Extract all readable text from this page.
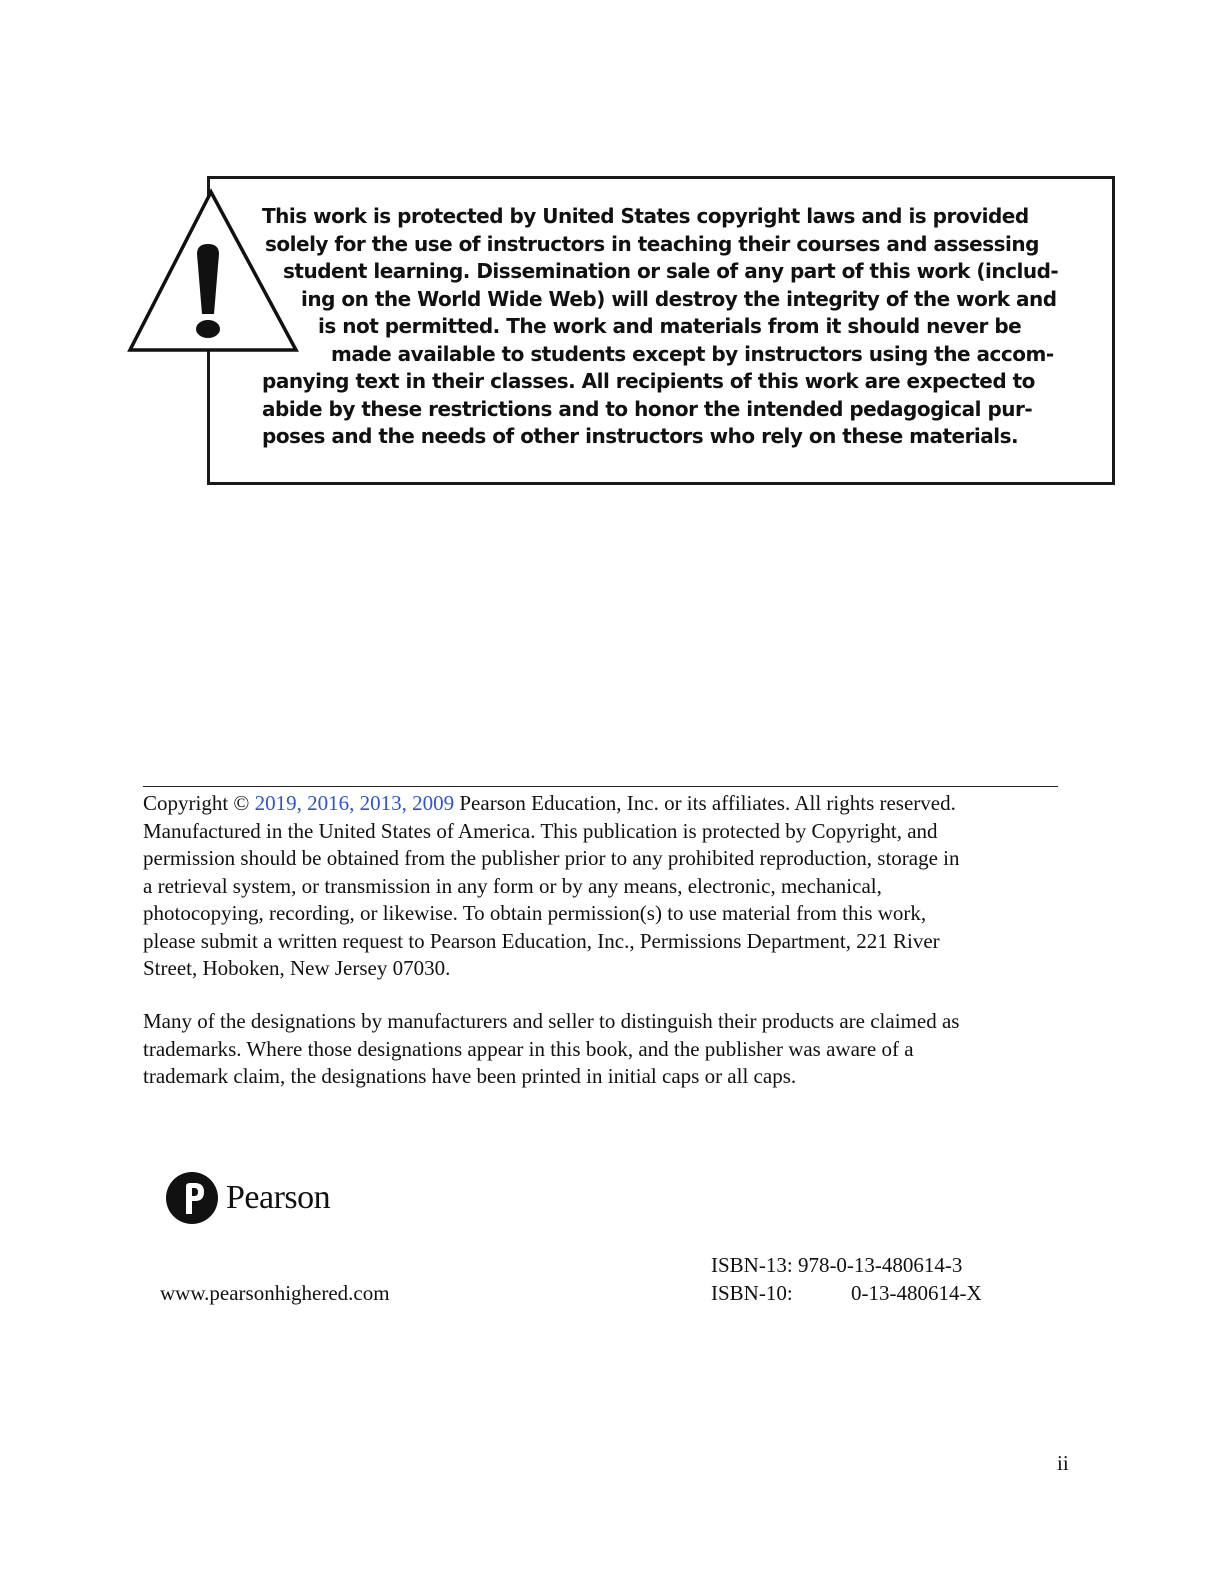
This work is protected by United States copyright laws and is provided
solely for the use of instructors in teaching their courses and assessing
student learning. Dissemination or sale of any part of this work (includ-
ing on the World Wide Web) will destroy the integrity of the work and
is not permitted. The work and materials from it should never be
made available to students except by instructors using the accom-
panying text in their classes. All recipients of this work are expected to
abide by these restrictions and to honor the intended pedagogical pur-
poses and the needs of other instructors who rely on these materials.
Copyright © 2019, 2016, 2013, 2009 Pearson Education, Inc. or its affiliates. All rights reserved.
Manufactured in the United States of America. This publication is protected by Copyright, and
permission should be obtained from the publisher prior to any prohibited reproduction, storage in
a retrieval system, or transmission in any form or by any means, electronic, mechanical,
photocopying, recording, or likewise. To obtain permission(s) to use material from this work,
please submit a written request to Pearson Education, Inc., Permissions Department, 221 River
Street, Hoboken, New Jersey 07030.
Many of the designations by manufacturers and seller to distinguish their products are claimed as
trademarks. Where those designations appear in this book, and the publisher was aware of a
trademark claim, the designations have been printed in initial caps or all caps.
Pearson
ISBN-13: 978-0-13-480614-3
www.pearsonhighered.com	ISBN-10:	0-13-480614-X
ii
